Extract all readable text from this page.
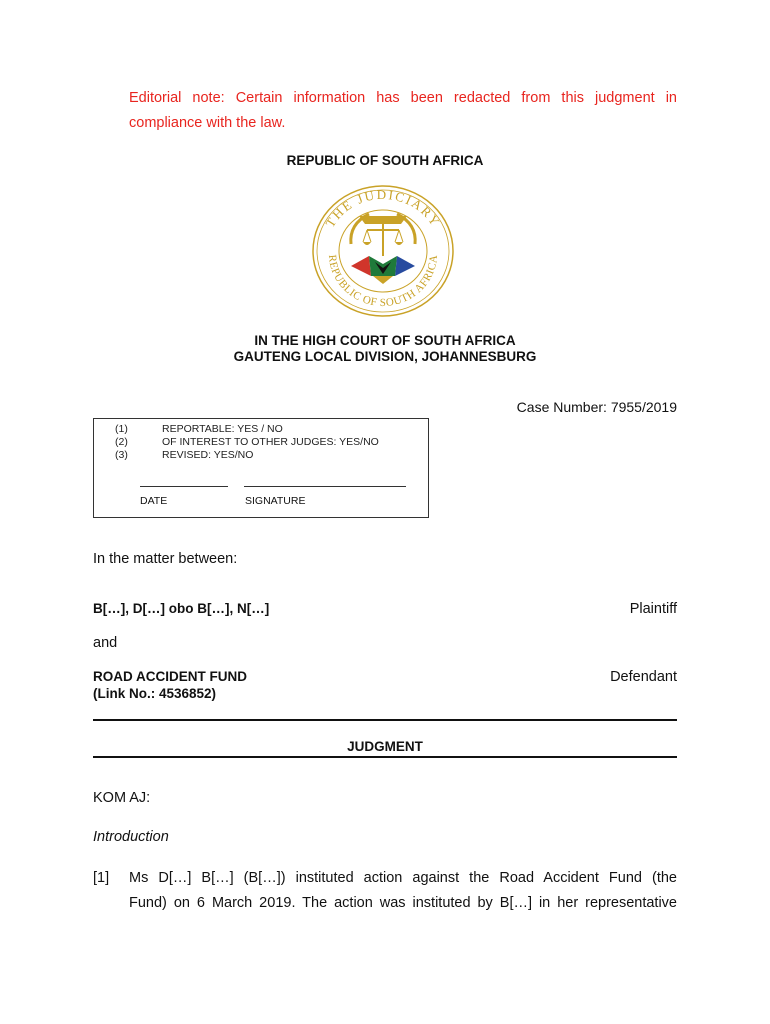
Editorial note: Certain information has been redacted from this judgment in compliance with the law.
REPUBLIC OF SOUTH AFRICA
THE JUDICIARY
REPUBLIC OF SOUTH AFRICA
IN THE HIGH COURT OF SOUTH AFRICA
GAUTENG LOCAL DIVISION, JOHANNESBURG
Case Number: 7955/2019
(1)	REPORTABLE: YES / NO
(2)	OF INTEREST TO OTHER JUDGES: YES/NO
(3)	REVISED: YES/NO
DATE	SIGNATURE
In the matter between:
B[…], D[…] obo B[…], N[…]	Plaintiff
and
ROAD ACCIDENT FUND
(Link No.: 4536852)
Defendant
JUDGMENT
KOM AJ:
Introduction
[1] Ms D[…] B[…] (B[…]) instituted action against the Road Accident Fund (the
Fund) on 6 March 2019. The action was instituted by B[…] in her representative
